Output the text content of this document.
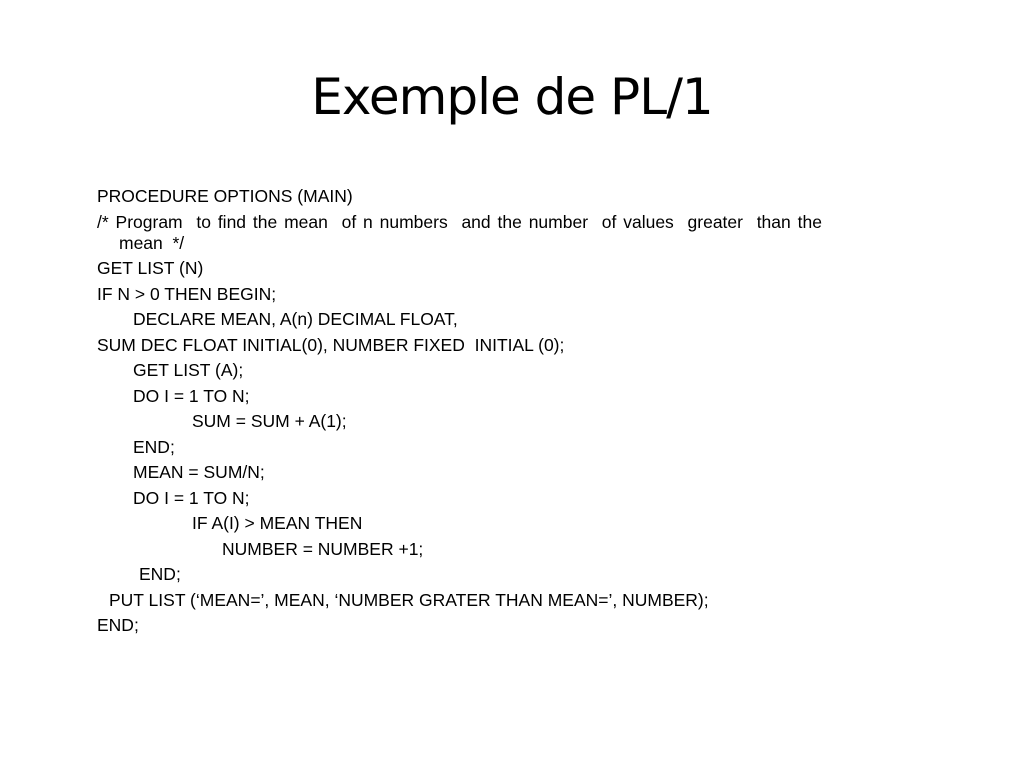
Exemple de PL/1
PROCEDURE OPTIONS (MAIN)
/* Program  to find the mean  of n numbers  and the number  of values  greater  than the
mean  */
GET LIST (N)
IF N > 0 THEN BEGIN;
DECLARE MEAN, A(n) DECIMAL FLOAT,
SUM DEC FLOAT INITIAL(0), NUMBER FIXED  INITIAL (0);
GET LIST (A);
DO I = 1 TO N;
SUM = SUM + A(1);
END;
MEAN = SUM/N;
DO I = 1 TO N;
IF A(I) > MEAN THEN
NUMBER = NUMBER +1;
END;
PUT LIST (‘MEAN=’, MEAN, ‘NUMBER GRATER THAN MEAN=’, NUMBER);
END;
